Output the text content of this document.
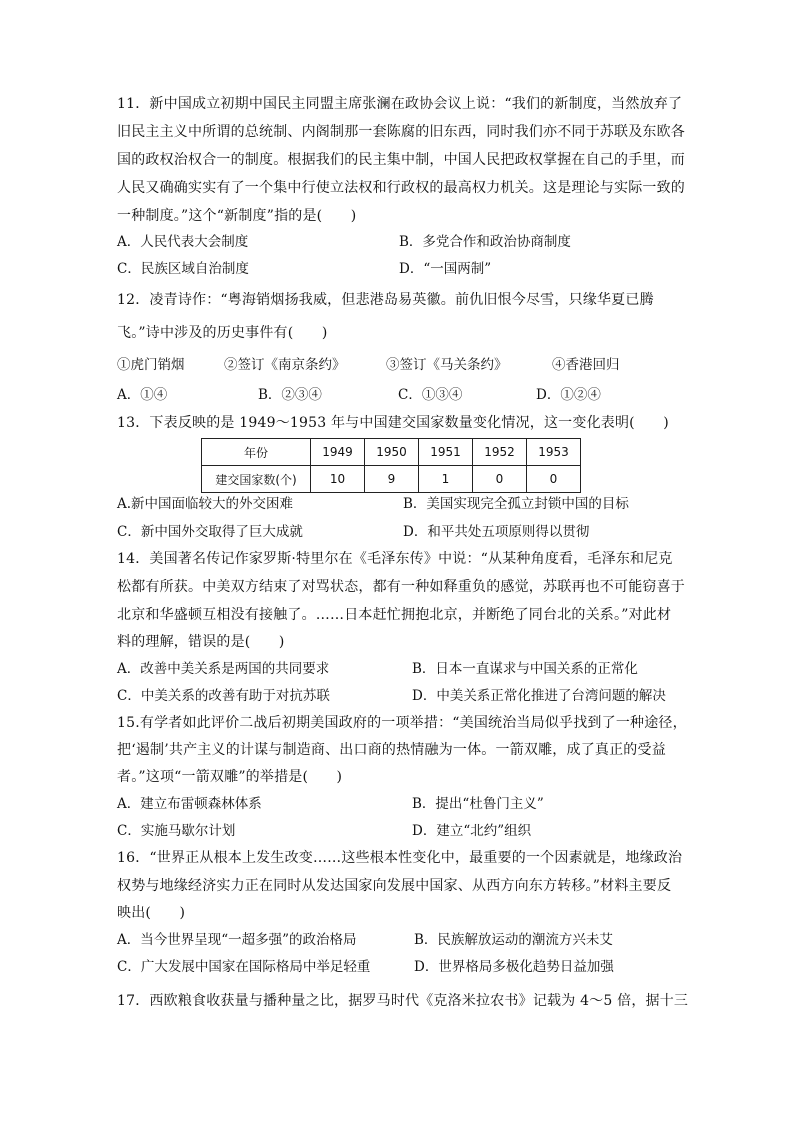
11．新中国成立初期中国民主同盟主席张澜在政协会议上说：“我们的新制度，当然放弃了
旧民主主义中所谓的总统制、内阁制那一套陈腐的旧东西，同时我们亦不同于苏联及东欧各
国的政权治权合一的制度。根据我们的民主集中制，中国人民把政权掌握在自己的手里，而
人民又确确实实有了一个集中行使立法权和行政权的最高权力机关。这是理论与实际一致的
一种制度。”这个“新制度”指的是(　　)
A．人民代表大会制度	B．多党合作和政治协商制度
C．民族区域自治制度	D．“一国两制”
12．凌青诗作：“粤海销烟扬我威，但悲港岛易英徽。前仇旧恨今尽雪，只缘华夏已腾
飞。”诗中涉及的历史事件有(　　)
①虎门销烟	②签订《南京条约》	③签订《马关条约》	④香港回归
A．①④	B．②③④	C．①③④	D．①②④
13．下表反映的是 1949～1953 年与中国建交国家数量变化情况，这一变化表明(　　)
年份	1949	1950	1951	1952	1953
建交国家数(个)	10	9	1	0	0
A.新中国面临较大的外交困难	B．美国实现完全孤立封锁中国的目标
C．新中国外交取得了巨大成就	D．和平共处五项原则得以贯彻
14．美国著名传记作家罗斯·特里尔在《毛泽东传》中说：“从某种角度看，毛泽东和尼克
松都有所获。中美双方结束了对骂状态，都有一种如释重负的感觉，苏联再也不可能窃喜于
北京和华盛顿互相没有接触了。……日本赶忙拥抱北京，并断绝了同台北的关系。”对此材
料的理解，错误的是(　　)
A．改善中美关系是两国的共同要求	B．日本一直谋求与中国关系的正常化
C．中美关系的改善有助于对抗苏联	D．中美关系正常化推进了台湾问题的解决
15.有学者如此评价二战后初期美国政府的一项举措：“美国统治当局似乎找到了一种途径，
把‘遏制’共产主义的计谋与制造商、出口商的热情融为一体。一箭双雕，成了真正的受益
者。”这项“一箭双雕”的举措是(　　)
A．建立布雷顿森林体系	B．提出“杜鲁门主义”
C．实施马歇尔计划	D．建立“北约”组织
16．“世界正从根本上发生改变……这些根本性变化中，最重要的一个因素就是，地缘政治
权势与地缘经济实力正在同时从发达国家向发展中国家、从西方向东方转移。”材料主要反
映出(　　)
A．当今世界呈现“一超多强”的政治格局	B．民族解放运动的潮流方兴未艾
C．广大发展中国家在国际格局中举足轻重	D．世界格局多极化趋势日益加强
17．西欧粮食收获量与播种量之比，据罗马时代《克洛米拉农书》记载为 4～5 倍，据十三
